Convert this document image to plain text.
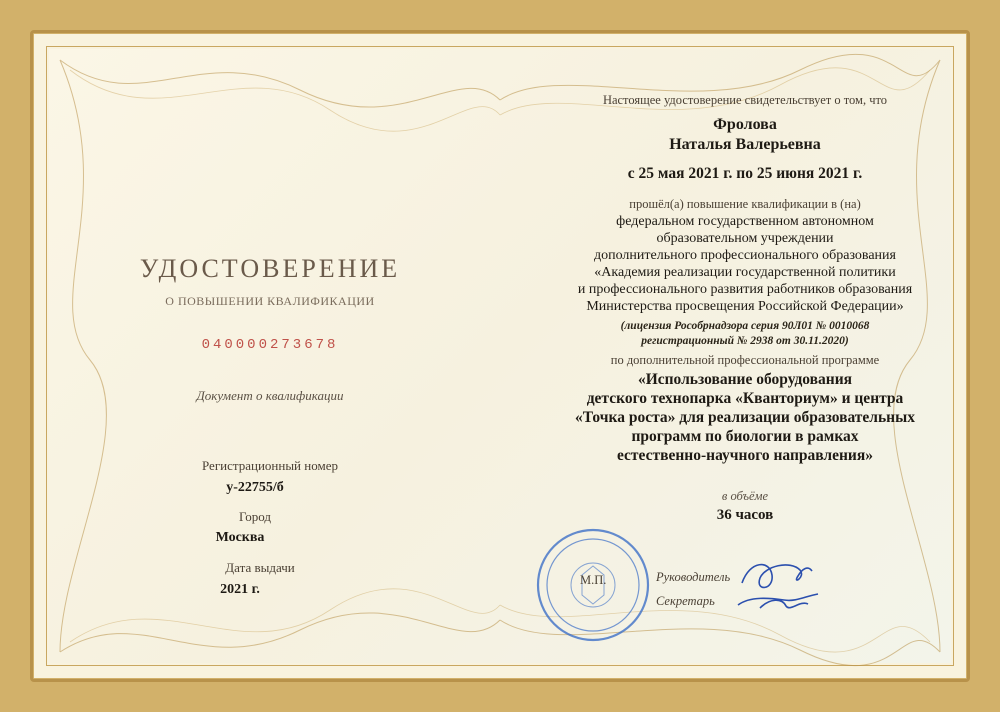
УДОСТОВЕРЕНИЕ
О ПОВЫШЕНИИ КВАЛИФИКАЦИИ
040000273678
Документ о квалификации
Регистрационный номер
у-22755/б
Город
Москва
Дата выдачи
2021 г.
Настоящее удостоверение свидетельствует о том, что
Фролова
Наталья Валерьевна
с 25 мая 2021 г. по 25 июня 2021 г.
прошёл(а) повышение квалификации в (на)
федеральном государственном автономном
образовательном учреждении
дополнительного профессионального образования
«Академия реализации государственной политики
и профессионального развития работников образования
Министерства просвещения Российской Федерации»
(лицензия Рособрнадзора серия 90Л01 № 0010068
регистрационный № 2938 от 30.11.2020)
по дополнительной профессиональной программе
«Использование оборудования
детского технопарка «Кванториум» и центра
«Точка роста» для реализации образовательных
программ по биологии в рамках
естественно-научного направления»
в объёме
36 часов
М.П.	Руководитель
Секретарь
